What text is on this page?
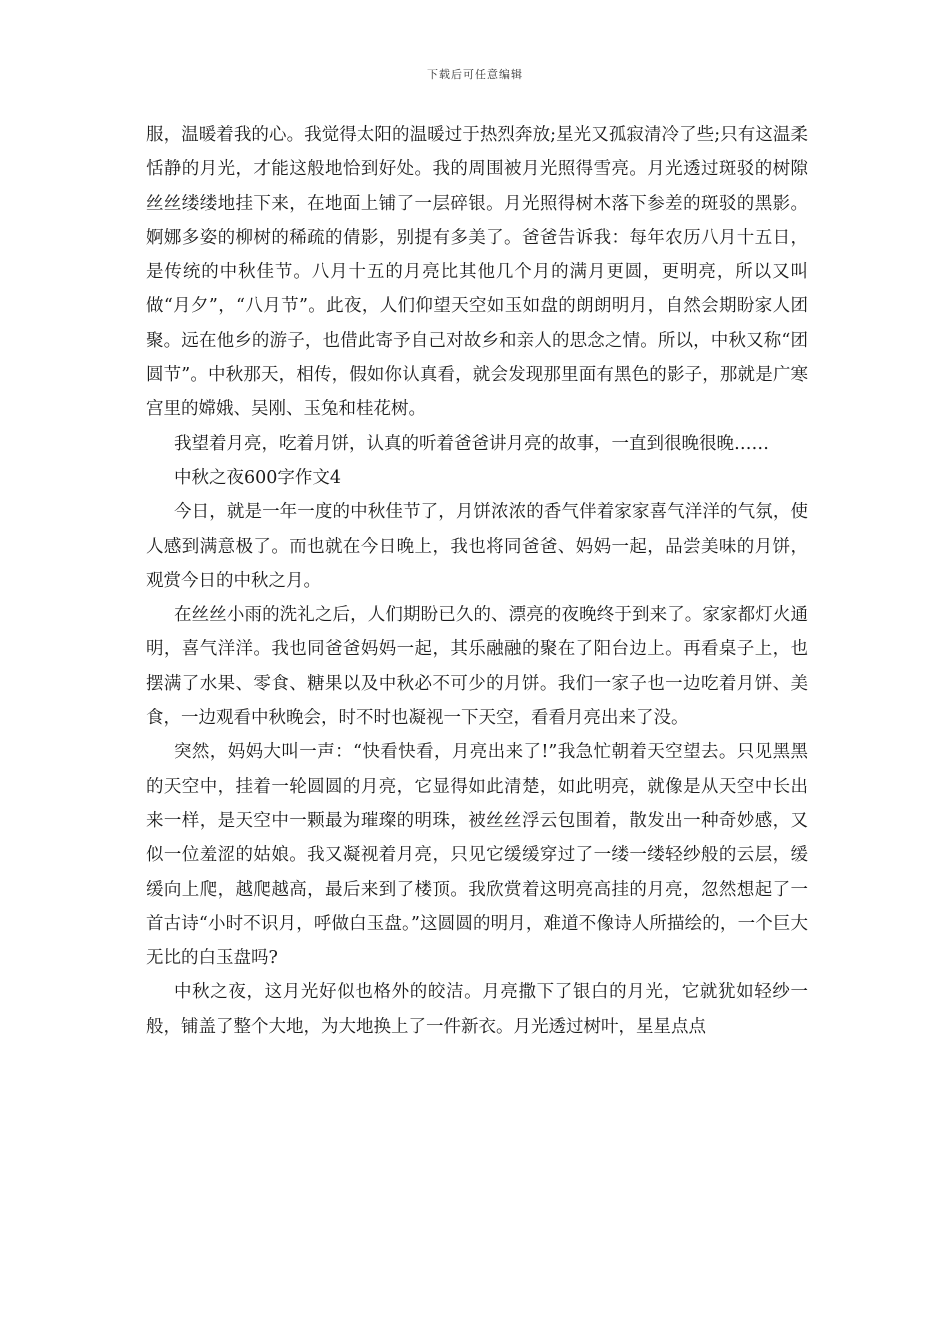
下载后可任意编辑

服，温暖着我的心。我觉得太阳的温暖过于热烈奔放;星光又孤寂清冷了些;只有这温柔恬静的月光，才能这般地恰到好处。我的周围被月光照得雪亮。月光透过斑驳的树隙丝丝缕缕地挂下来，在地面上铺了一层碎银。月光照得树木落下参差的斑驳的黑影。婀娜多姿的柳树的稀疏的倩影，别提有多美了。爸爸告诉我：每年农历八月十五日，是传统的中秋佳节。八月十五的月亮比其他几个月的满月更圆，更明亮，所以又叫做“月夕”，“八月节”。此夜，人们仰望天空如玉如盘的朗朗明月，自然会期盼家人团聚。远在他乡的游子，也借此寄予自己对故乡和亲人的思念之情。所以，中秋又称“团圆节”。中秋那天，相传，假如你认真看，就会发现那里面有黑色的影子，那就是广寒宫里的嫦娥、吴刚、玉兔和桂花树。

我望着月亮，吃着月饼，认真的听着爸爸讲月亮的故事，一直到很晚很晚……

中秋之夜600字作文4

今日，就是一年一度的中秋佳节了，月饼浓浓的香气伴着家家喜气洋洋的气氛，使人感到满意极了。而也就在今日晚上，我也将同爸爸、妈妈一起，品尝美味的月饼，观赏今日的中秋之月。

在丝丝小雨的洗礼之后，人们期盼已久的、漂亮的夜晚终于到来了。家家都灯火通明，喜气洋洋。我也同爸爸妈妈一起，其乐融融的聚在了阳台边上。再看桌子上，也摆满了水果、零食、糖果以及中秋必不可少的月饼。我们一家子也一边吃着月饼、美食，一边观看中秋晚会，时不时也凝视一下天空，看看月亮出来了没。

突然，妈妈大叫一声：“快看快看，月亮出来了!”我急忙朝着天空望去。只见黑黑的天空中，挂着一轮圆圆的月亮，它显得如此清楚，如此明亮，就像是从天空中长出来一样，是天空中一颗最为璀璨的明珠，被丝丝浮云包围着，散发出一种奇妙感，又似一位羞涩的姑娘。我又凝视着月亮，只见它缓缓穿过了一缕一缕轻纱般的云层，缓缓向上爬，越爬越高，最后来到了楼顶。我欣赏着这明亮高挂的月亮，忽然想起了一首古诗“小时不识月，呼做白玉盘。”这圆圆的明月，难道不像诗人所描绘的，一个巨大无比的白玉盘吗?

中秋之夜，这月光好似也格外的皎洁。月亮撒下了银白的月光，它就犹如轻纱一般，铺盖了整个大地，为大地换上了一件新衣。月光透过树叶，星星点点
